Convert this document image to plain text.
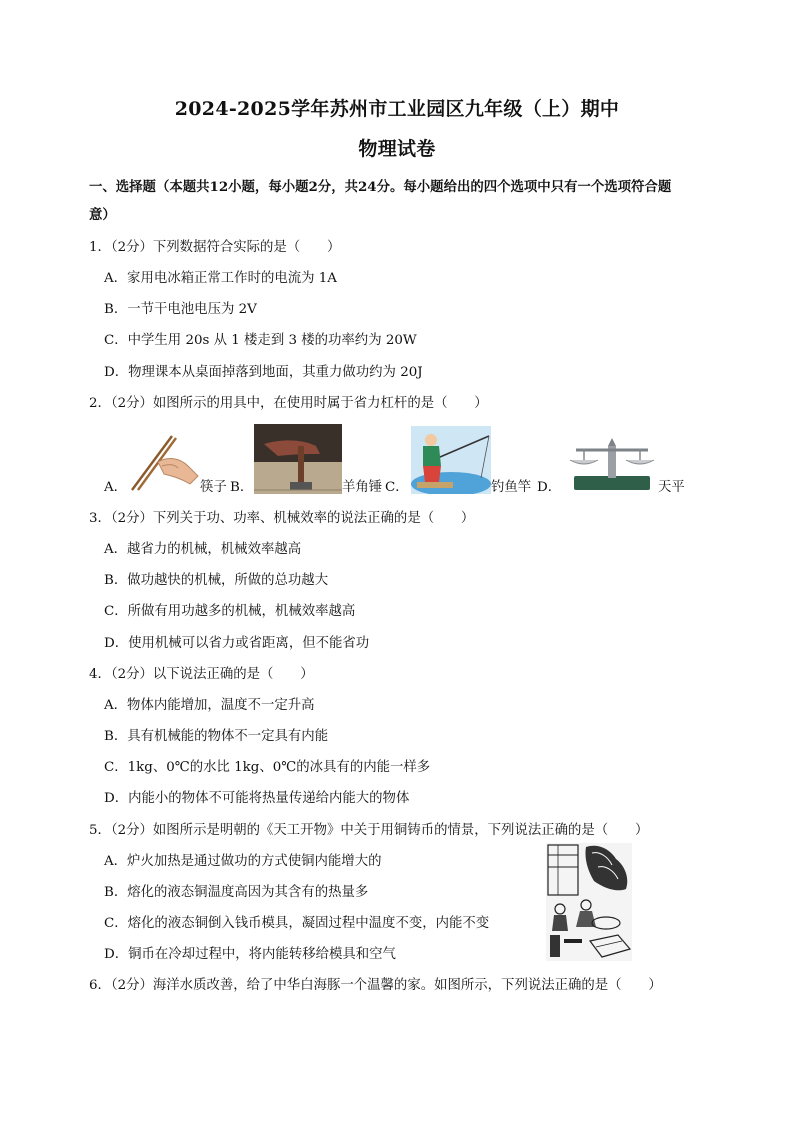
2024-2025学年苏州市工业园区九年级（上）期中
物理试卷
一、选择题（本题共12小题，每小题2分，共24分。每小题给出的四个选项中只有一个选项符合题
意）
1．（2分）下列数据符合实际的是（　　）
A．家用电冰箱正常工作时的电流为 1A
B．一节干电池电压为 2V
C．中学生用 20s 从 1 楼走到 3 楼的功率约为 20W
D．物理课本从桌面掉落到地面，其重力做功约为 20J
2．（2分）如图所示的用具中，在使用时属于省力杠杆的是（　　）
A．	筷子 B．	羊角锤 C．	钓鱼竿 D．	天平
3．（2分）下列关于功、功率、机械效率的说法正确的是（　　）
A．越省力的机械，机械效率越高
B．做功越快的机械，所做的总功越大
C．所做有用功越多的机械，机械效率越高
D．使用机械可以省力或省距离，但不能省功
4．（2分）以下说法正确的是（　　）
A．物体内能增加，温度不一定升高
B．具有机械能的物体不一定具有内能
C．1kg、0℃的水比 1kg、0℃的冰具有的内能一样多
D．内能小的物体不可能将热量传递给内能大的物体
5．（2分）如图所示是明朝的《天工开物》中关于用铜铸币的情景，下列说法正确的是（　　）
A．炉火加热是通过做功的方式使铜内能增大的
B．熔化的液态铜温度高因为其含有的热量多
C．熔化的液态铜倒入钱币模具，凝固过程中温度不变，内能不变
D．铜币在冷却过程中，将内能转移给模具和空气
6．（2分）海洋水质改善，给了中华白海豚一个温馨的家。如图所示，下列说法正确的是（　　）
